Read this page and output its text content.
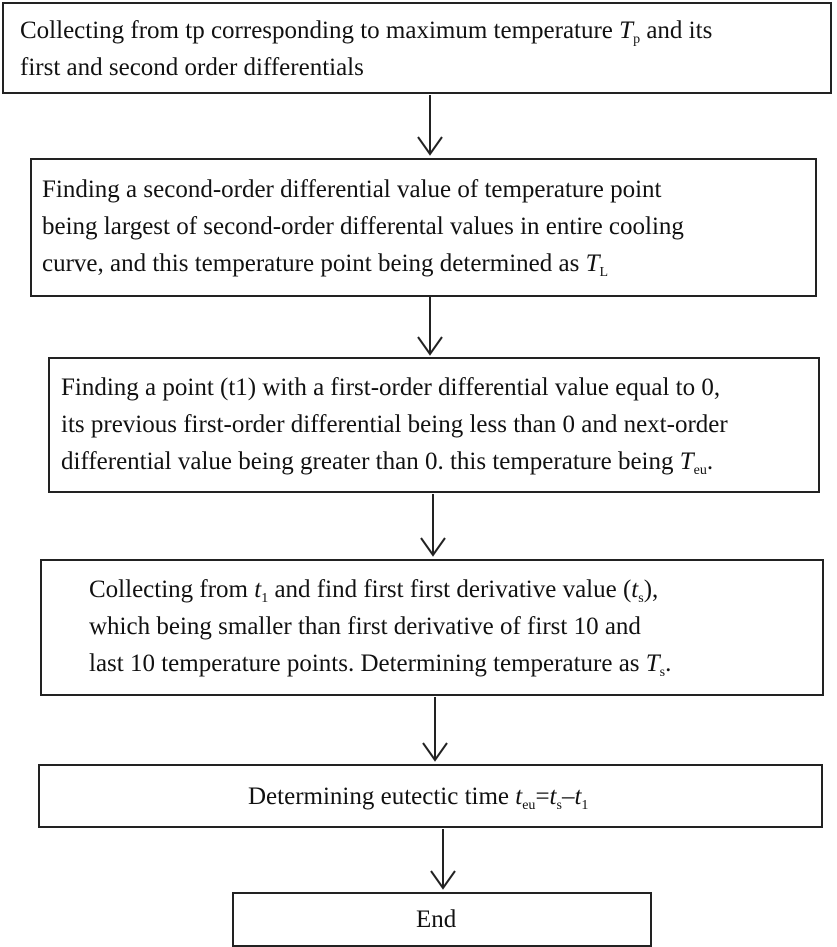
Collecting from tp corresponding to maximum temperature $T_p$ and its
first and second order differentials
Finding a second-order differential value of temperature point
being largest of second-order differental values in entire cooling
curve, and this temperature point being determined as $T_L$
Finding a point (t1) with a first-order differential value equal to 0,
its previous first-order differential being less than 0 and next-order
differential value being greater than 0. this temperature being $T_{eu}$.
Collecting from $t_1$ and find first first derivative value $(t_s)$,
which being smaller than first derivative of first 10 and
last 10 temperature points. Determining temperature as $T_s$.
Determining eutectic time $t_{eu}=t_s-t_1$
End
